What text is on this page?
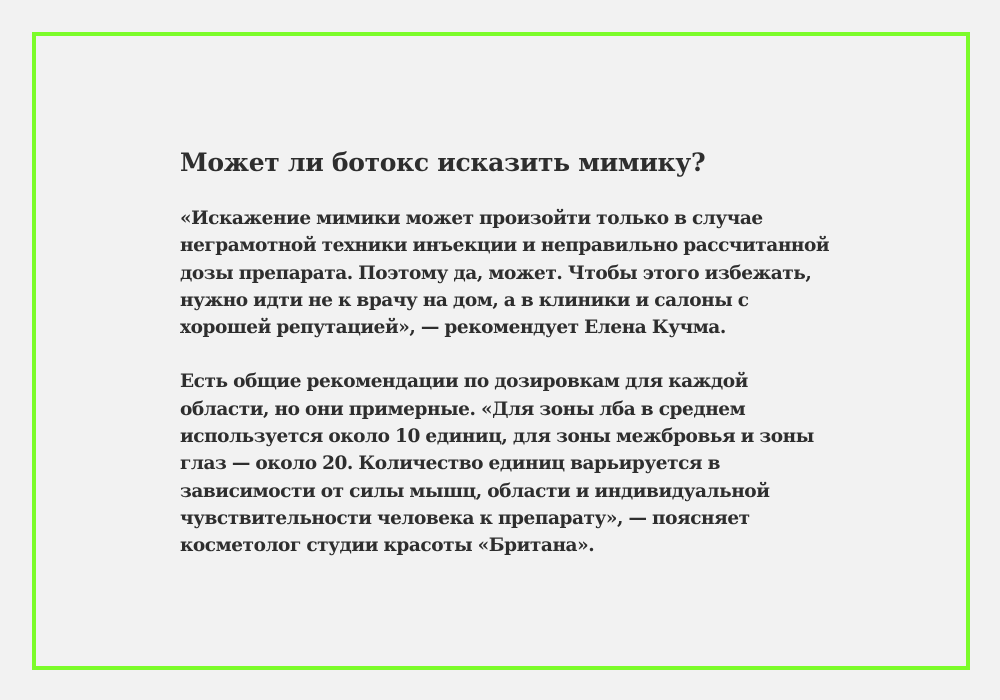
Может ли ботокс исказить мимику?

«Искажение мимики может произойти только в случае неграмотной техники инъекции и неправильно рассчитанной дозы препарата. Поэтому да, может. Чтобы этого избежать, нужно идти не к врачу на дом, а в клиники и салоны с хорошей репутацией», — рекомендует Елена Кучма.

Есть общие рекомендации по дозировкам для каждой области, но они примерные. «Для зоны лба в среднем используется около 10 единиц, для зоны межбровья и зоны глаз — около 20. Количество единиц варьируется в зависимости от силы мышц, области и индивидуальной чувствительности человека к препарату», — поясняет косметолог студии красоты «Британа».
